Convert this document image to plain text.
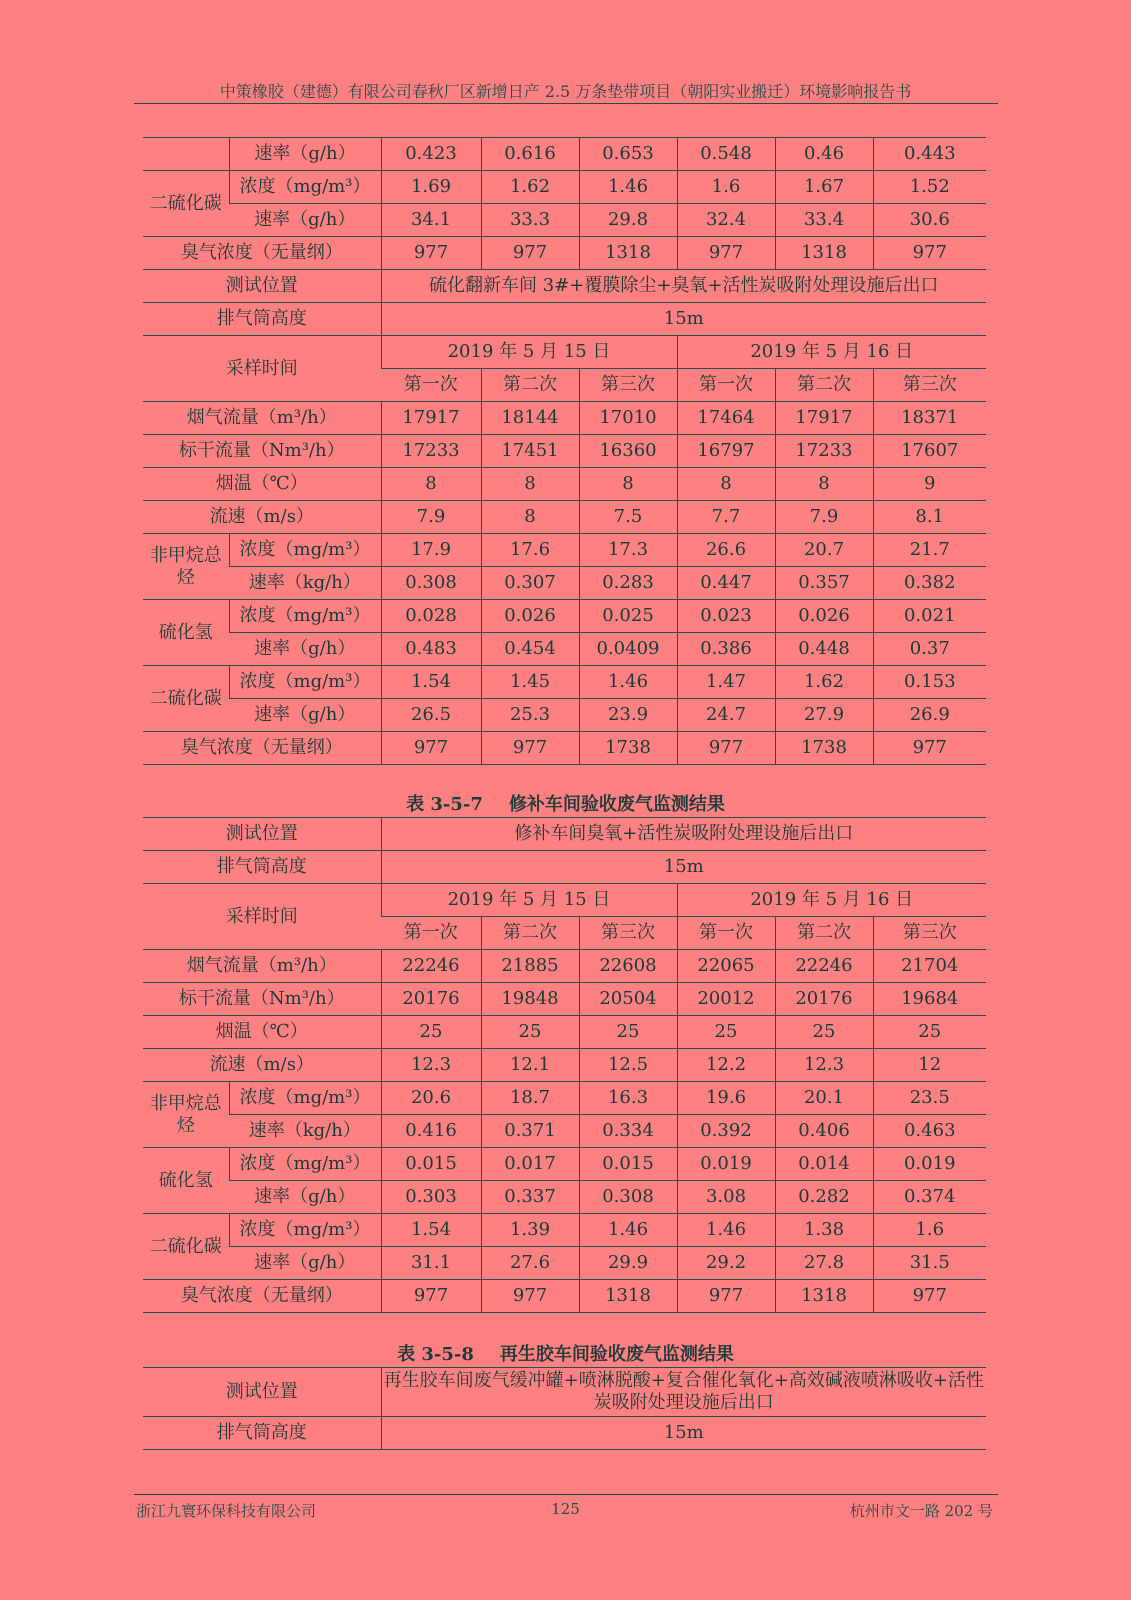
中策橡胶（建德）有限公司春秋厂区新增日产 2.5 万条垫带项目（朝阳实业搬迁）环境影响报告书
	速率（g/h）	0.423	0.616	0.653	0.548	0.46	0.443
二硫化碳	浓度（mg/m³）	1.69	1.62	1.46	1.6	1.67	1.52
	速率（g/h）	34.1	33.3	29.8	32.4	33.4	30.6
臭气浓度（无量纲）		977	977	1318	977	1318	977
测试位置		硫化翻新车间 3#+覆膜除尘+臭氧+活性炭吸附处理设施后出口					
排气筒高度		15m					
采样时间		2019 年 5 月 15 日			2019 年 5 月 16 日		
		第一次	第二次	第三次	第一次	第二次	第三次
烟气流量（m³/h）		17917	18144	17010	17464	17917	18371
标干流量（Nm³/h）		17233	17451	16360	16797	17233	17607
烟温（℃）		8	8	8	8	8	9
流速（m/s）		7.9	8	7.5	7.7	7.9	8.1
非甲烷总烃	浓度（mg/m³）	17.9	17.6	17.3	26.6	20.7	21.7
	速率（kg/h）	0.308	0.307	0.283	0.447	0.357	0.382
硫化氢	浓度（mg/m³）	0.028	0.026	0.025	0.023	0.026	0.021
	速率（g/h）	0.483	0.454	0.0409	0.386	0.448	0.37
二硫化碳	浓度（mg/m³）	1.54	1.45	1.46	1.47	1.62	0.153
	速率（g/h）	26.5	25.3	23.9	24.7	27.9	26.9
臭气浓度（无量纲）		977	977	1738	977	1738	977
表 3-5-7 修补车间验收废气监测结果
测试位置		修补车间臭氧+活性炭吸附处理设施后出口					
排气筒高度		15m					
采样时间		2019 年 5 月 15 日			2019 年 5 月 16 日		
		第一次	第二次	第三次	第一次	第二次	第三次
烟气流量（m³/h）		22246	21885	22608	22065	22246	21704
标干流量（Nm³/h）		20176	19848	20504	20012	20176	19684
烟温（℃）		25	25	25	25	25	25
流速（m/s）		12.3	12.1	12.5	12.2	12.3	12
非甲烷总烃	浓度（mg/m³）	20.6	18.7	16.3	19.6	20.1	23.5
	速率（kg/h）	0.416	0.371	0.334	0.392	0.406	0.463
硫化氢	浓度（mg/m³）	0.015	0.017	0.015	0.019	0.014	0.019
	速率（g/h）	0.303	0.337	0.308	3.08	0.282	0.374
二硫化碳	浓度（mg/m³）	1.54	1.39	1.46	1.46	1.38	1.6
	速率（g/h）	31.1	27.6	29.9	29.2	27.8	31.5
臭气浓度（无量纲）		977	977	1318	977	1318	977
表 3-5-8 再生胶车间验收废气监测结果
测试位置	再生胶车间废气缓冲罐+喷淋脱酸+复合催化氧化+高效碱液喷淋吸收+活性炭吸附处理设施后出口
排气筒高度	15m
浙江九寰环保科技有限公司	125	杭州市文一路 202 号
